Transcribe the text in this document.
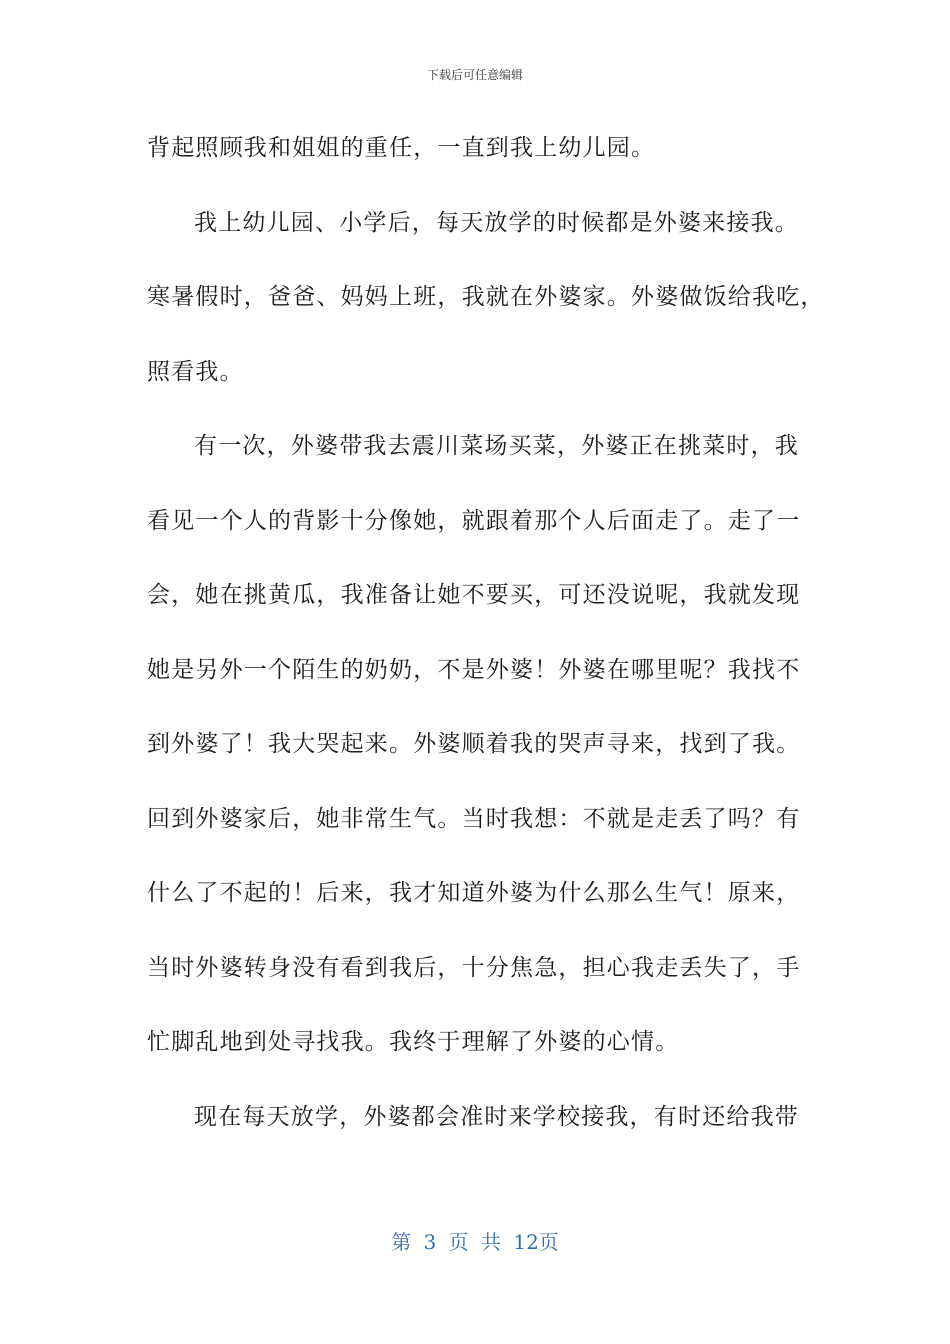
下载后可任意编辑
背起照顾我和姐姐的重任，一直到我上幼儿园。
我上幼儿园、小学后，每天放学的时候都是外婆来接我。
寒暑假时，爸爸、妈妈上班，我就在外婆家。外婆做饭给我吃，
照看我。
有一次，外婆带我去震川菜场买菜，外婆正在挑菜时，我
看见一个人的背影十分像她，就跟着那个人后面走了。走了一
会，她在挑黄瓜，我准备让她不要买，可还没说呢，我就发现
她是另外一个陌生的奶奶，不是外婆！外婆在哪里呢？我找不
到外婆了！我大哭起来。外婆顺着我的哭声寻来，找到了我。
回到外婆家后，她非常生气。当时我想：不就是走丢了吗？有
什么了不起的！后来，我才知道外婆为什么那么生气！原来，
当时外婆转身没有看到我后，十分焦急，担心我走丢失了，手
忙脚乱地到处寻找我。我终于理解了外婆的心情。
现在每天放学，外婆都会准时来学校接我，有时还给我带
第 3 页 共 12页
